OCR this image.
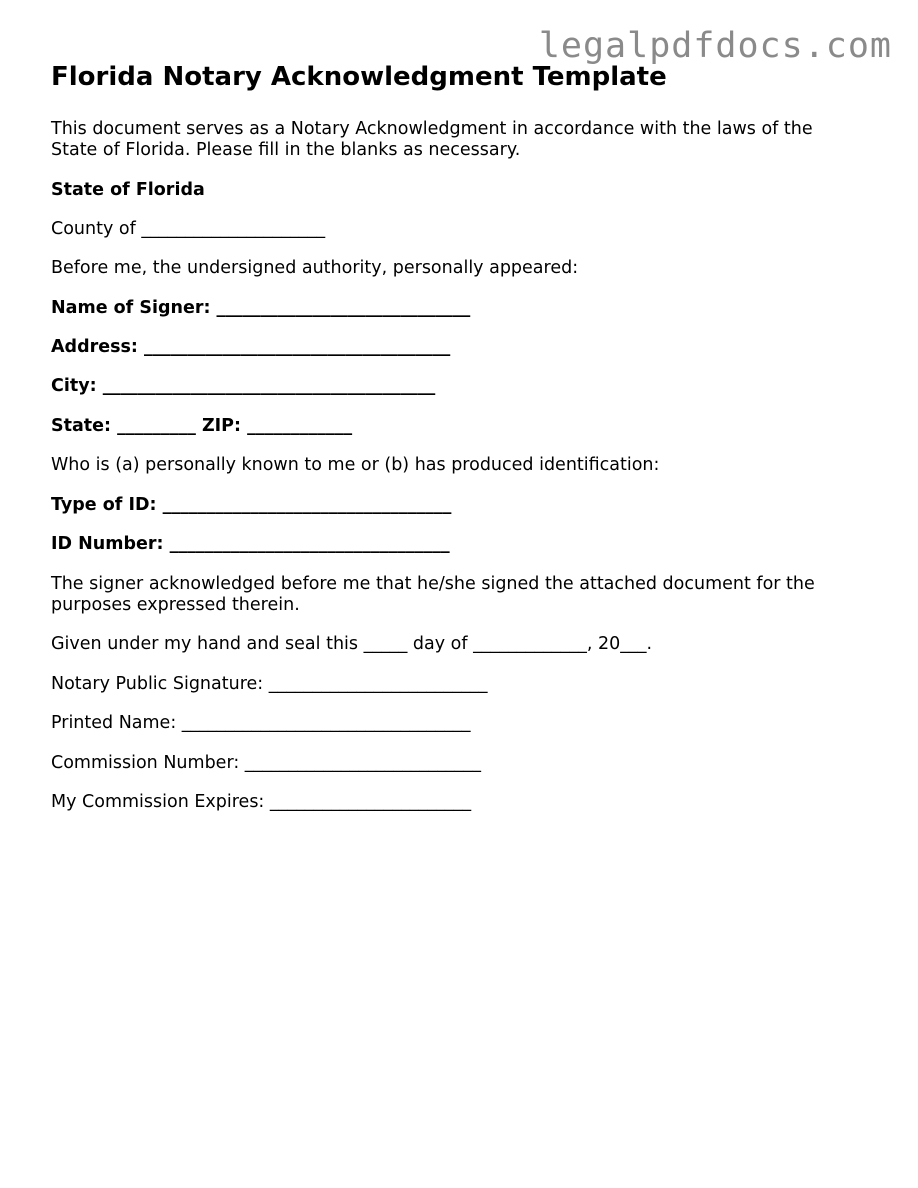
legalpdfdocs.com
Florida Notary Acknowledgment Template
This document serves as a Notary Acknowledgment in accordance with the laws of the State of Florida. Please fill in the blanks as necessary.
State of Florida
County of _____________________
Before me, the undersigned authority, personally appeared:
Name of Signer: _____________________________
Address: ___________________________________
City: ______________________________________
State: _________ ZIP: ____________
Who is (a) personally known to me or (b) has produced identification:
Type of ID: _________________________________
ID Number: ________________________________
The signer acknowledged before me that he/she signed the attached document for the purposes expressed therein.
Given under my hand and seal this _____ day of _____________, 20___.
Notary Public Signature: _________________________
Printed Name: _________________________________
Commission Number: ___________________________
My Commission Expires: _______________________
